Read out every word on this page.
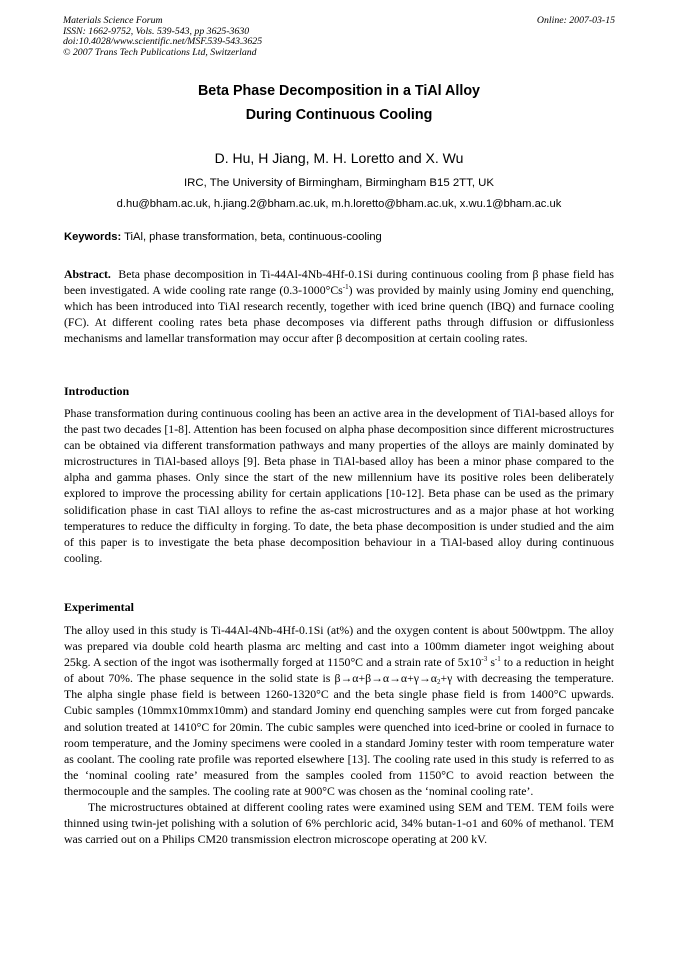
Materials Science Forum
ISSN: 1662-9752, Vols. 539-543, pp 3625-3630
doi:10.4028/www.scientific.net/MSF.539-543.3625
© 2007 Trans Tech Publications Ltd, Switzerland
Online: 2007-03-15
Beta Phase Decomposition in a TiAl Alloy
During Continuous Cooling
D. Hu, H Jiang, M. H. Loretto and X. Wu
IRC, The University of Birmingham, Birmingham B15 2TT, UK
d.hu@bham.ac.uk, h.jiang.2@bham.ac.uk, m.h.loretto@bham.ac.uk, x.wu.1@bham.ac.uk
Keywords: TiAl, phase transformation, beta, continuous-cooling

Abstract. Beta phase decomposition in Ti-44Al-4Nb-4Hf-0.1Si during continuous cooling from β phase field has been investigated. A wide cooling rate range $(0.3-1000^\circ Cs^{-1})$ was provided by mainly using Jominy end quenching, which has been introduced into TiAl research recently, together with iced brine quench (IBQ) and furnace cooling (FC). At different cooling rates beta phase decomposes via different paths through diffusion or diffusionless mechanisms and lamellar transformation may occur after β decomposition at certain cooling rates.

Introduction

Phase transformation during continuous cooling has been an active area in the development of TiAl-based alloys for the past two decades [1-8]. Attention has been focused on alpha phase decomposition since different microstructures can be obtained via different transformation pathways and many properties of the alloys are mainly dominated by microstructures in TiAl-based alloys [9]. Beta phase in TiAl-based alloy has been a minor phase compared to the alpha and gamma phases. Only since the start of the new millennium have its positive roles been deliberately explored to improve the processing ability for certain applications [10-12]. Beta phase can be used as the primary solidification phase in cast TiAl alloys to refine the as-cast microstructures and as a major phase at hot working temperatures to reduce the difficulty in forging. To date, the beta phase decomposition is under studied and the aim of this paper is to investigate the beta phase decomposition behaviour in a TiAl-based alloy during continuous cooling.

Experimental

The alloy used in this study is Ti-44Al-4Nb-4Hf-0.1Si (at%) and the oxygen content is about 500wtppm. The alloy was prepared via double cold hearth plasma arc melting and cast into a 100mm diameter ingot weighing about 25kg. A section of the ingot was isothermally forged at 1150°C and a strain rate of $5x10^{-3}$ $s^{-1}$ to a reduction in height of about 70%. The phase sequence in the solid state is $\beta\to\alpha+\beta\to\alpha\to\alpha+\gamma\to\alpha_2+\gamma$ with decreasing the temperature. The alpha single phase field is between 1260-1320°C and the beta single phase field is from 1400°C upwards. Cubic samples (10mmx10mmx10mm) and standard Jominy end quenching samples were cut from forged pancake and solution treated at 1410°C for 20min. The cubic samples were quenched into iced-brine or cooled in furnace to room temperature, and the Jominy specimens were cooled in a standard Jominy tester with room temperature water as coolant. The cooling rate profile was reported elsewhere [13]. The cooling rate used in this study is referred to as the ‘nominal cooling rate’ measured from the samples cooled from 1150°C to avoid reaction between the thermocouple and the samples. The cooling rate at 900°C was chosen as the ‘nominal cooling rate’.

The microstructures obtained at different cooling rates were examined using SEM and TEM. TEM foils were thinned using twin-jet polishing with a solution of 6% perchloric acid, 34% butan-1-o1 and 60% of methanol. TEM was carried out on a Philips CM20 transmission electron microscope operating at 200 kV.
